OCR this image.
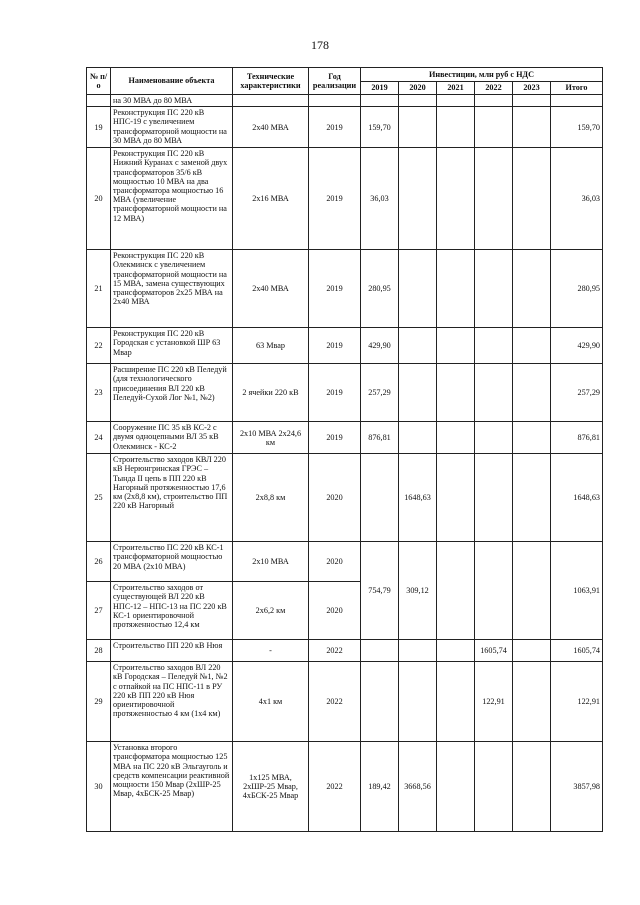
178
№ п/о	Наименование объекта	Технические характеристики	Год реализации	Инвестиции, млн руб с НДС					
				2019	2020	2021	2022	2023	Итого
	на 30 МВА до 80 МВА								
19	Реконструкция ПС 220 кВ НПС-19 с увеличением трансформаторной мощности на 30 МВА до 80 МВА	2х40 МВА	2019	159,70					159,70
20	Реконструкция ПС 220 кВ Нижний Куранах с заменой двух трансформаторов 35/6 кВ мощностью 10 МВА на два трансформатора мощностью 16 МВА (увеличение трансформаторной мощности на 12 МВА)	2х16 МВА	2019	36,03					36,03
21	Реконструкция ПС 220 кВ Олекминск с увеличением трансформаторной мощности на 15 МВА, замена существующих трансформаторов 2х25 МВА на 2х40 МВА	2х40 МВА	2019	280,95					280,95
22	Реконструкция ПС 220 кВ Городская с установкой ШР 63 Мвар	63 Мвар	2019	429,90					429,90
23	Расширение ПС 220 кВ Пеледуй (для технологического присоединения ВЛ 220 кВ Пеледуй-Сухой Лог №1, №2)	2 ячейки 220 кВ	2019	257,29					257,29
24	Сооружение ПС 35 кВ КС-2 с двумя одноцепными ВЛ 35 кВ Олекминск - КС-2	2х10 МВА 2х24,6 км	2019	876,81					876,81
25	Строительство заходов КВЛ 220 кВ Нерюнгринская ГРЭС – Тында II цепь в ПП 220 кВ Нагорный протяженностью 17,6 км (2х8,8 км), строительство ПП 220 кВ Нагорный	2х8,8 км	2020		1648,63				1648,63
26	Строительство ПС 220 кВ КС-1 трансформаторной мощностью 20 МВА (2х10 МВА)	2х10 МВА	2020	754,79	309,12				1063,91
27	Строительство заходов от существующей ВЛ 220 кВ НПС-12 – НПС-13 на ПС 220 кВ КС-1 ориентировочной протяженностью 12,4 км	2х6,2 км	2020						
28	Строительство ПП 220 кВ Нюя	-	2022				1605,74		1605,74
29	Строительство заходов ВЛ 220 кВ Городская – Пеледуй №1, №2 с отпайкой на ПС НПС-11 в РУ 220 кВ ПП 220 кВ Нюя ориентировочной протяженностью 4 км (1х4 км)	4х1 км	2022				122,91		122,91
30	Установка второго трансформатора мощностью 125 МВА на ПС 220 кВ Эльгауголь и средств компенсации реактивной мощности 150 Мвар (2хШР-25 Мвар, 4хБСК-25 Мвар)	1х125 МВА, 2хШР-25 Мвар, 4хБСК-25 Мвар	2022	189,42	3668,56				3857,98
